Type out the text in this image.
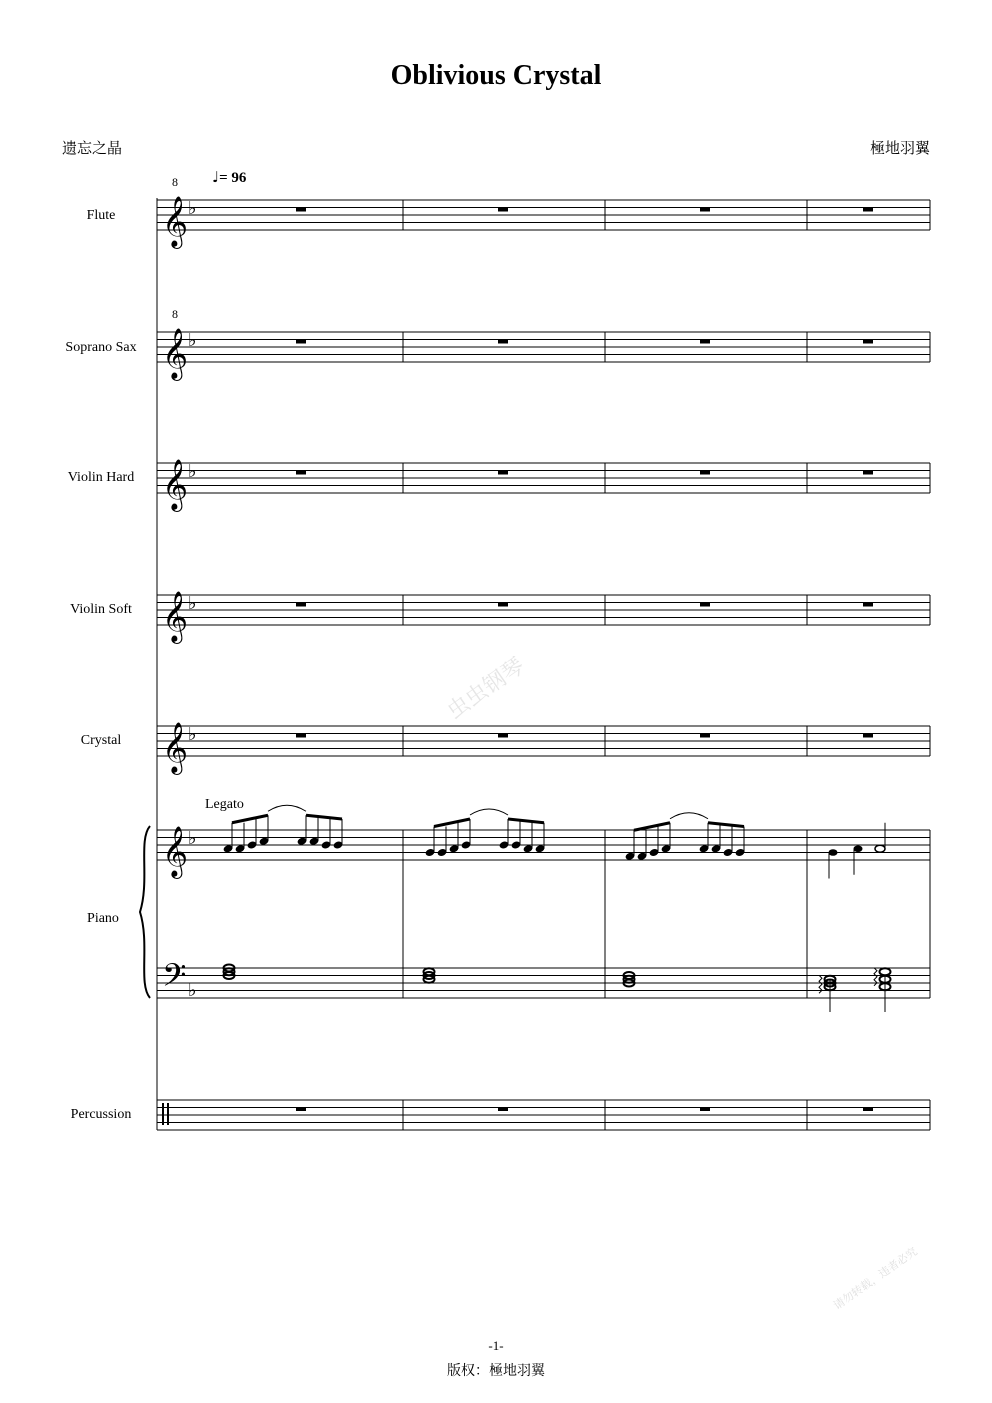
Oblivious Crystal
遗忘之晶	極地羽翼
♩= 96
Flute
Soprano Sax
Violin Hard
Violin Soft
Crystal
Piano
Percussion
Legato
虫虫钢琴
请勿转载，违者必究
-1-
版权：極地羽翼
8
8
𝄞 ♭
𝄞 ♭
𝄞 ♭
𝄞 ♭
𝄞 ♭
𝄞 ♭
♭
𝄢
